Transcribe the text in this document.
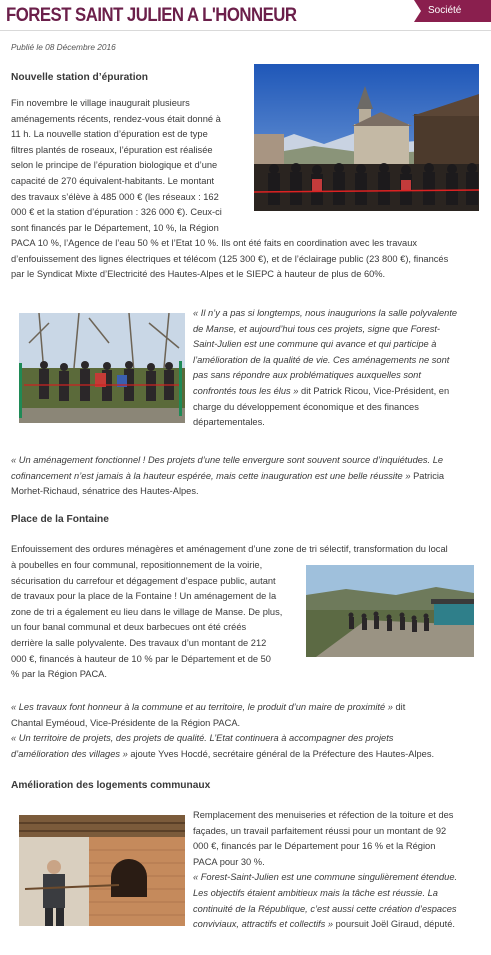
FOREST SAINT JULIEN A L'HONNEUR	Société
Publié le 08 Décembre 2016
Nouvelle station d’épuration
Fin novembre le village inaugurait plusieurs
aménagements récents, rendez-vous était donné à
11 h. La nouvelle station d’épuration est de type
filtres plantés de roseaux, l’épuration est réalisée
selon le principe de l’épuration biologique et d’une
capacité de 270 équivalent-habitants. Le montant
des travaux s’élève à 485 000 € (les réseaux : 162
000 € et la station d’épuration : 326 000 €). Ceux-ci
sont financés par le Département, 10 %, la Région
PACA 10 %, l’Agence de l’eau 50 % et l’Etat 10 %. Ils ont été faits en coordination avec les travaux
d’enfouissement des lignes électriques et télécom (125 300 €), et de l’éclairage public (23 800 €), financés
par le Syndicat Mixte d’Electricité des Hautes-Alpes et le SIEPC à hauteur de plus de 60%.
« Il n’y a pas si longtemps, nous inaugurions la salle polyvalente
de Manse, et aujourd’hui tous ces projets, signe que Forest-
Saint-Julien est une commune qui avance et qui participe à
l’amélioration de la qualité de vie. Ces aménagements ne sont
pas sans répondre aux problématiques auxquelles sont
confrontés tous les élus » dit Patrick Ricou, Vice-Président, en
charge du développement économique et des finances
départementales.
« Un aménagement fonctionnel ! Des projets d’une telle envergure sont souvent source d’inquiétudes. Le
cofinancement n’est jamais à la hauteur espérée, mais cette inauguration est une belle réussite » Patricia
Morhet-Richaud, sénatrice des Hautes-Alpes.
Place de la Fontaine
Enfouissement des ordures ménagères et aménagement d’une zone de tri sélectif, transformation du local
à poubelles en four communal, repositionnement de la voirie,
sécurisation du carrefour et dégagement d’espace public, autant
de travaux pour la place de la Fontaine ! Un aménagement de la
zone de tri a également eu lieu dans le village de Manse. De plus,
un four banal communal et deux barbecues ont été créés
derrière la salle polyvalente. Des travaux d’un montant de 212
000 €, financés à hauteur de 10 % par le Département et de 50
% par la Région PACA.
« Les travaux font honneur à la commune et au territoire, le produit d’un maire de proximité » dit
Chantal Eyméoud, Vice-Présidente de la Région PACA.
« Un territoire de projets, des projets de qualité. L’Etat continuera à accompagner des projets
d’amélioration des villages » ajoute Yves Hocdé, secrétaire général de la Préfecture des Hautes-Alpes.
Amélioration des logements communaux
Remplacement des menuiseries et réfection de la toiture et des
façades, un travail parfaitement réussi pour un montant de 92
000 €, financés par le Département pour 16 % et la Région
PACA pour 30 %.
« Forest-Saint-Julien est une commune singulièrement étendue.
Les objectifs étaient ambitieux mais la tâche est réussie. La
continuité de la République, c’est aussi cette création d’espaces
conviviaux, attractifs et collectifs » poursuit Joël Giraud, député.
